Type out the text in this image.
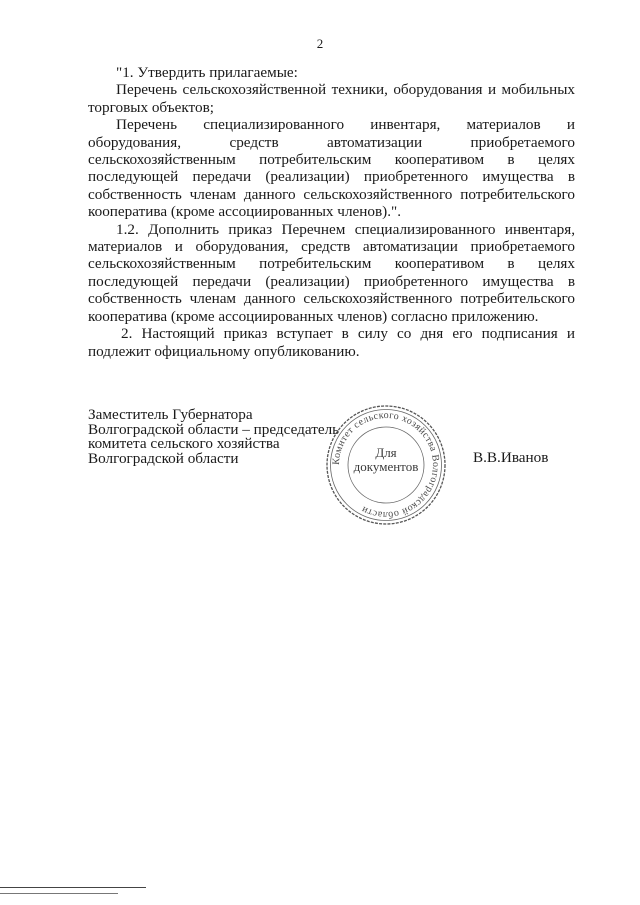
2

"1. Утвердить прилагаемые:

Перечень сельскохозяйственной техники, оборудования и мобильных торговых объектов;

Перечень специализированного инвентаря, материалов и оборудования, средств автоматизации приобретаемого сельскохозяйственным потребительским кооперативом в целях последующей передачи (реализации) приобретенного имущества в собственность членам данного сельскохозяйственного потребительского кооператива (кроме ассоциированных членов).".

1.2. Дополнить приказ Перечнем специализированного инвентаря, материалов и оборудования, средств автоматизации приобретаемого сельскохозяйственным потребительским кооперативом в целях последующей передачи (реализации) приобретенного имущества в собственность членам данного сельскохозяйственного потребительского кооператива (кроме ассоциированных членов) согласно приложению.

2. Настоящий приказ вступает в силу со дня его подписания и подлежит официальному опубликованию.

Заместитель Губернатора
Волгоградской области – председатель
комитета сельского хозяйства
Волгоградской области	Комитет сельского хозяйства Волгоградской области
Для
документов
В.В.Иванов
